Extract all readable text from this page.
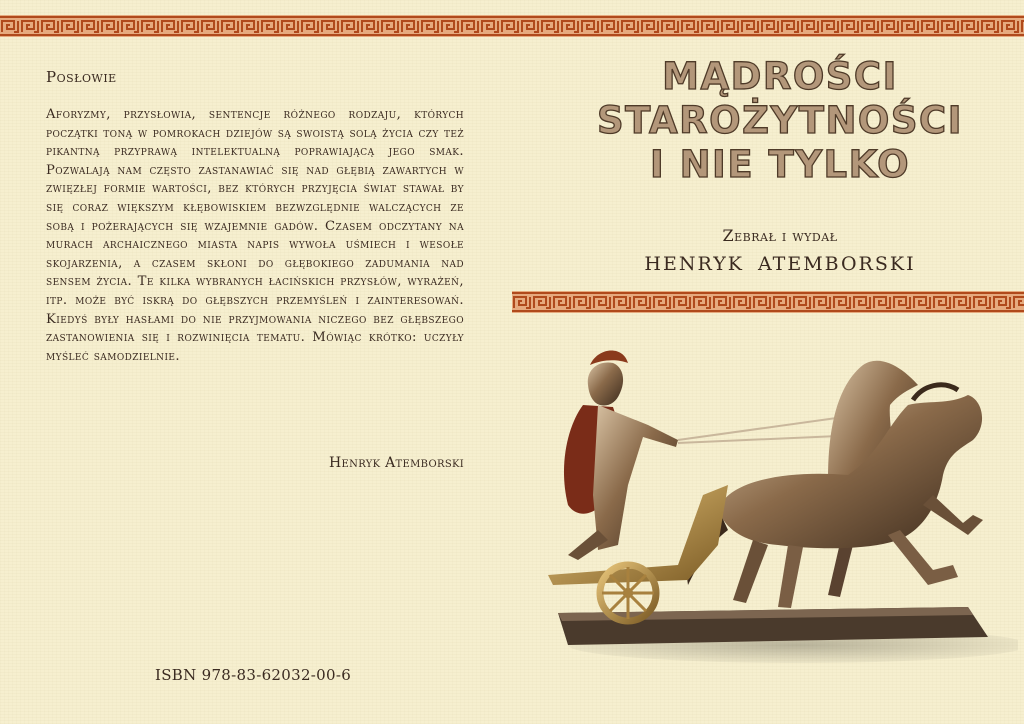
Posłowie

Aforyzmy, przysłowia, sentencje różnego rodzaju, których początki toną w pomrokach dziejów są swoistą solą życia czy też pikantną przyprawą intelektualną poprawiającą jego smak. Pozwalają nam często zastanawiać się nad głębią zawartych w zwięzłej formie wartości, bez których przyjęcia świat stawał by się coraz większym kłębowiskiem bezwzględnie walczących ze sobą i pożerających się wzajemnie gadów. Czasem odczytany na murach archaicznego miasta napis wywoła uśmiech i wesołe skojarzenia, a czasem skłoni do głębokiego zadumania nad sensem życia. Te kilka wybranych łacińskich przysłów, wyrażeń, itp. może być iskrą do głębszych przemyśleń i zainteresowań. Kiedyś były hasłami do nie przyjmowania niczego bez głębszego zastanowienia się i rozwinięcia tematu. Mówiąc krótko: uczyły myśleć samodzielnie.

Henryk Atemborski
ISBN 978-83-62032-00-6
MĄDROŚCI
STAROŻYTNOŚCI
I NIE TYLKO
Zebrał i wydał
HENRYK ATEMBORSKI
